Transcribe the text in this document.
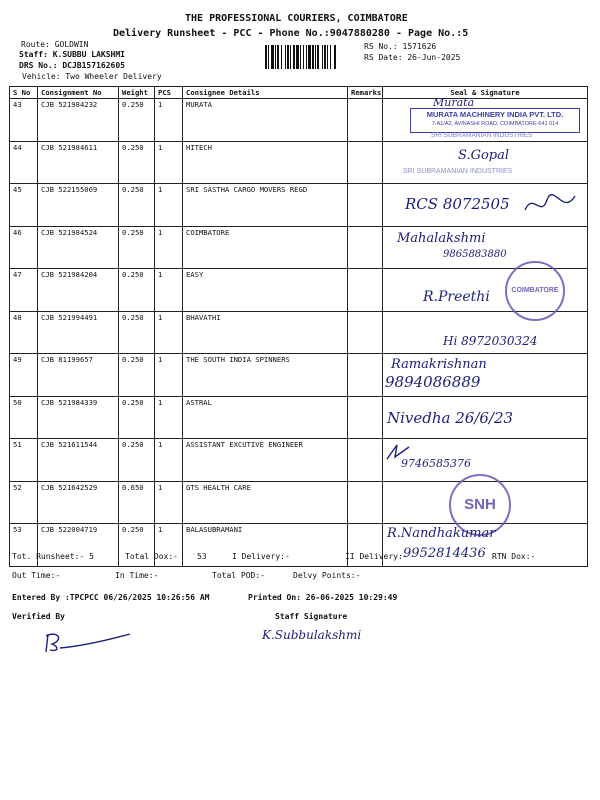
THE PROFESSIONAL COURIERS, COIMBATORE
Delivery Runsheet - PCC - Phone No.:9047880280 - Page No.:5
Route: GOLDWIN
Staff: K.SUBBU LAKSHMI
DRS No.: DCJB157162605
Vehicle: Two Wheeler Delivery
RS No.: 1571626
RS Date: 26-Jun-2025
S No	Consignment No	Weight	PCS	Consignee Details	Remarks	Seal & Signature
43	CJB 521984232	0.250	1	MURATA		Murata
MURATA MACHINERY INDIA PVT. LTD.
7-A1/A2, AVINASHI ROAD, COIMBATORE-641 014
SRI SUBRAMANIAN INDUSTRIES

44	CJB 521984611	0.250	1	HITECH		S.Gopal
SRI SUBRAMANIAN INDUSTRIES

45	CJB 522155069	0.250	1	SRI SASTHA CARGO MOVERS REGD		RCS 8072505

46	CJB 521984524	0.250	1	COIMBATORE		Mahalakshmi
9865883880

47	CJB 521984204	0.250	1	EASY		R.Preethi COIMBATORE

48	CJB 521994491	0.250	1	BHAVATHI		Hi 8972030324

49	CJB 81199657	0.250	1	THE SOUTH INDIA SPINNERS		Ramakrishnan
9894086889

50	CJB 521984339	0.250	1	ASTRAL		Nivedha 26/6/23

51	CJB 521611544	0.250	1	ASSISTANT EXCUTIVE ENGINEER		9746585376

52	CJB 521642529	0.650	1	GTS HEALTH CARE		SNH

53	CJB 522004719	0.250	1	BALASUBRAMANI		R.Nandhakumar
9952814436
Tot. Runsheet:- 5	Total Dox:- 53	I Delivery:-	II Delivery:-	RTN Dox:-
Out Time:-	In Time:-	Total POD:-	Delvy Points:-
Entered By :TPCPCC 06/26/2025 10:26:56 AM	Printed On: 26-06-2025 10:29:49
Verified By	Staff Signature
K.Subbulakshmi
